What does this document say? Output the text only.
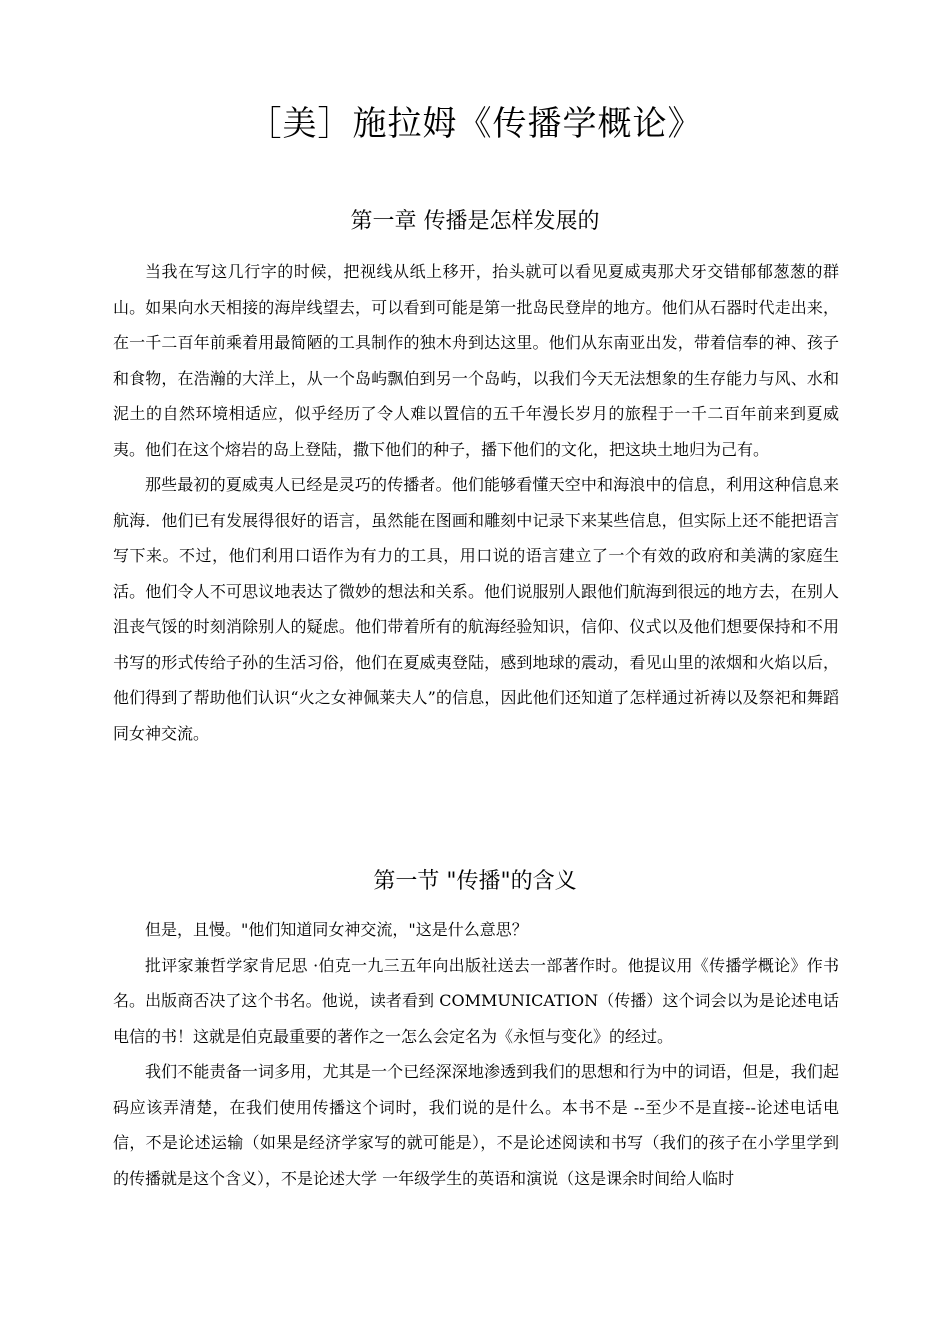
［美］施拉姆《传播学概论》
第一章 传播是怎样发展的

当我在写这几行字的时候，把视线从纸上移开，抬头就可以看见夏威夷那犬牙交错郁郁葱葱的群山。如果向水天相接的海岸线望去，可以看到可能是第一批岛民登岸的地方。他们从石器时代走出来，在一千二百年前乘着用最简陋的工具制作的独木舟到达这里。他们从东南亚出发，带着信奉的神、孩子和食物，在浩瀚的大洋上，从一个岛屿飘伯到另一个岛屿，以我们今天无法想象的生存能力与风、水和泥土的自然环境相适应，似乎经历了令人难以置信的五千年漫长岁月的旅程于一千二百年前来到夏威夷。他们在这个熔岩的岛上登陆，撒下他们的种子，播下他们的文化，把这块土地归为己有。

那些最初的夏威夷人已经是灵巧的传播者。他们能够看懂天空中和海浪中的信息，利用这种信息来航海．他们已有发展得很好的语言，虽然能在图画和雕刻中记录下来某些信息，但实际上还不能把语言写下来。不过，他们利用口语作为有力的工具，用口说的语言建立了一个有效的政府和美满的家庭生活。他们令人不可思议地表达了微妙的想法和关系。他们说服别人跟他们航海到很远的地方去，在别人沮丧气馁的时刻消除别人的疑虑。他们带着所有的航海经验知识，信仰、仪式以及他们想要保持和不用书写的形式传给子孙的生活习俗，他们在夏威夷登陆，感到地球的震动，看见山里的浓烟和火焰以后，他们得到了帮助他们认识“火之女神佩莱夫人”的信息，因此他们还知道了怎样通过祈祷以及祭祀和舞蹈同女神交流。

第一节 "传播"的含义

但是，且慢。"他们知道同女神交流，"这是什么意思？

批评家兼哲学家肯尼思 ·伯克一九三五年向出版社送去一部著作时。他提议用《传播学概论》作书名。出版商否决了这个书名。他说，读者看到 COMMUNICATION（传播）这个词会以为是论述电话电信的书！这就是伯克最重要的著作之一怎么会定名为《永恒与变化》的经过。

我们不能责备一词多用，尤其是一个已经深深地渗透到我们的思想和行为中的词语，但是，我们起码应该弄清楚，在我们使用传播这个词时，我们说的是什么。本书不是 --至少不是直接--论述电话电信，不是论述运输（如果是经济学家写的就可能是），不是论述阅读和书写（我们的孩子在小学里学到的传播就是这个含义），不是论述大学 一年级学生的英语和演说（这是课余时间给人临时
